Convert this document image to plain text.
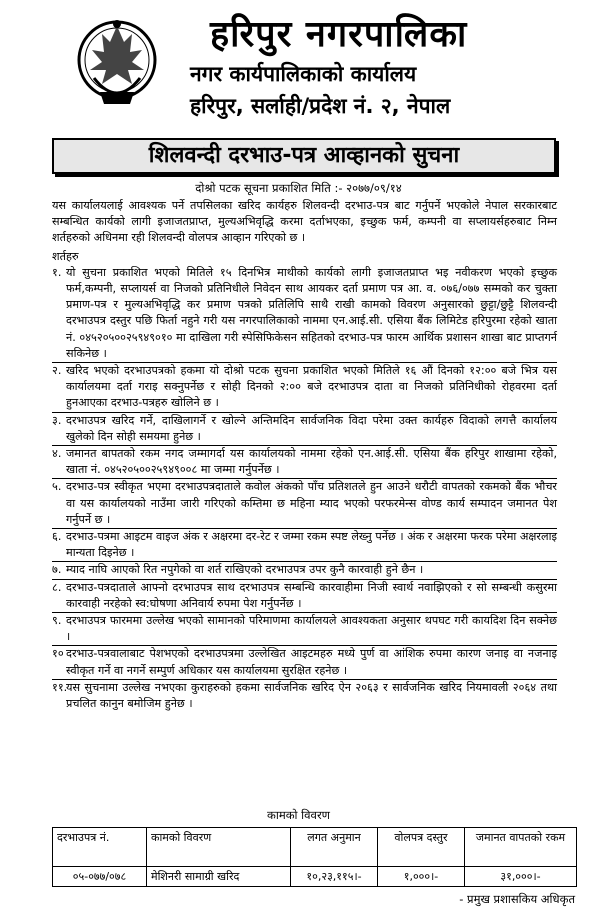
हरिपुर नगरपालिका
नगर कार्यपालिकाको कार्यालय
हरिपुर, सर्लाही/प्रदेश नं. २, नेपाल
शिलवन्दी दरभाउ-पत्र आव्हानको सुचना
दोश्रो पटक सूचना प्रकाशित मिति :- २०७७/०९/१४

यस कार्यालयलाई आवश्यक पर्ने तपसिलका खरिद कार्यहरु शिलवन्दी दरभाउ-पत्र बाट गर्नुपर्ने भएकोले नेपाल सरकारबाट सम्बन्धित कार्यको लागी इजाजतप्राप्त, मुल्यअभिवृद्धि करमा दर्ताभएका, इच्छुक फर्म, कम्पनी वा सप्लायर्सहरुबाट निम्न शर्तहरुको अधिनमा रही शिलवन्दी वोलपत्र आव्हान गरिएको छ ।

शर्तहरु

१. यो सुचना प्रकाशित भएको मितिले १५ दिनभित्र माथीको कार्यको लागी इजाजतप्राप्त भइ नवीकरण भएको इच्छुक फर्म,कम्पनी, सप्लायर्स वा निजको प्रतिनिधीले निवेदन साथ आयकर दर्ता प्रमाण पत्र आ. व. ०७६/०७७ सम्मको कर चुक्ता प्रमाण-पत्र र मुल्यअभिवृद्धि कर प्रमाण पत्रको प्रतिलिपि साथै राखी कामको विवरण अनुसारको छुट्टा/छुट्टै शिलवन्दी दरभाउपत्र दस्तुर पछि फिर्ता नहुने गरी यस नगरपालिकाको नाममा एन.आई.सी. एसिया बैंक लिमिटेड हरिपुरमा रहेको खाता नं. ०४५२०५००२५९४९०१० मा दाखिला गरी स्पेसिफिकेसन सहितको दरभाउ-पत्र फारम आर्थिक प्रशासन शाखा बाट प्राप्तगर्न सकिनेछ ।
२. खरिद भएको दरभाउपत्रको हकमा यो दोश्रो पटक सुचना प्रकाशित भएको मितिले १६ औं दिनको १२:०० बजे भित्र यस कार्यालयमा दर्ता गराइ सक्नुपर्नेछ र सोही दिनको २:०० बजे दरभाउपत्र दाता वा निजको प्रतिनिधीको रोहवरमा दर्ता हुनआएका दरभाउ-पत्रहरु खोलिने छ ।
३. दरभाउपत्र खरिद गर्ने, दाखिलागर्ने र खोल्ने अन्तिमदिन सार्वजनिक विदा परेमा उक्त कार्यहरु विदाको लगत्तै कार्यालय खुलेको दिन सोही समयमा हुनेछ ।
४. जमानत बापतको रकम नगद जम्मागर्दा यस कार्यालयको नाममा रहेको एन.आई.सी. एसिया बैंक हरिपुर शाखामा रहेको, खाता नं. ०४५२०५००२५९४९००८ मा जम्मा गर्नुपर्नेछ ।
५. दरभाउ-पत्र स्वीकृत भएमा दरभाउपत्रदाताले कवोल अंकको पाँच प्रतिशतले हुन आउने धरौटी वापतको रकमको बैंक भौचर वा यस कार्यालयको नाउँमा जारी गरिएको कम्तिमा छ महिना म्याद भएको परफरमेन्स वोण्ड कार्य सम्पादन जमानत पेश गर्नुपर्ने छ ।
६. दरभाउ-पत्रमा आइटम वाइज अंक र अक्षरमा दर-रेट र जम्मा रकम स्पष्ट लेख्नु पर्नेछ । अंक र अक्षरमा फरक परेमा अक्षरलाइ मान्यता दिइनेछ ।
७. म्याद नाघि आएको रित नपुगेको वा शर्त राखिएको दरभाउपत्र उपर कुनै कारवाही हुने छैन ।
८. दरभाउ-पत्रदाताले आफ्नो दरभाउपत्र साथ दरभाउपत्र सम्बन्धि कारवाहीमा निजी स्वार्थ नवाझिएको र सो सम्बन्धी कसुरमा कारवाही नरहेको स्व:घोषणा अनिवार्य रुपमा पेश गर्नुपर्नेछ ।
९. दरभाउपत्र फारममा उल्लेख भएको सामानको परिमाणमा कार्यालयले आवश्यकता अनुसार थपघट गरी कायदिश दिन सक्नेछ ।
१० दरभाउ-पत्रवालाबाट पेशभएको दरभाउपत्रमा उल्लेखित आइटमहरु मध्ये पुर्ण वा आंशिक रुपमा कारण जनाइ वा नजनाइ स्वीकृत गर्ने वा नगर्ने सम्पुर्ण अधिकार यस कार्यालयमा सुरक्षित रहनेछ ।
११.
यस सुचनामा उल्लेख नभएका कुराहरुको हकमा सार्वजनिक खरिद ऐन २०६३ र सार्वजनिक खरिद नियमावली २०६४ तथा प्रचलित कानुन बमोजिम हुनेछ ।
कामको विवरण
दरभाउपत्र नं.	कामको विवरण	लगत अनुमान	वोलपत्र दस्तुर	जमानत वापतको रकम
०५-०७७/०७८	मेशिनरी सामाग्री खरिद	१०,२३,११५।-	१,०००।-	३१,०००।-
- प्रमुख प्रशासकिय अधिकृत
